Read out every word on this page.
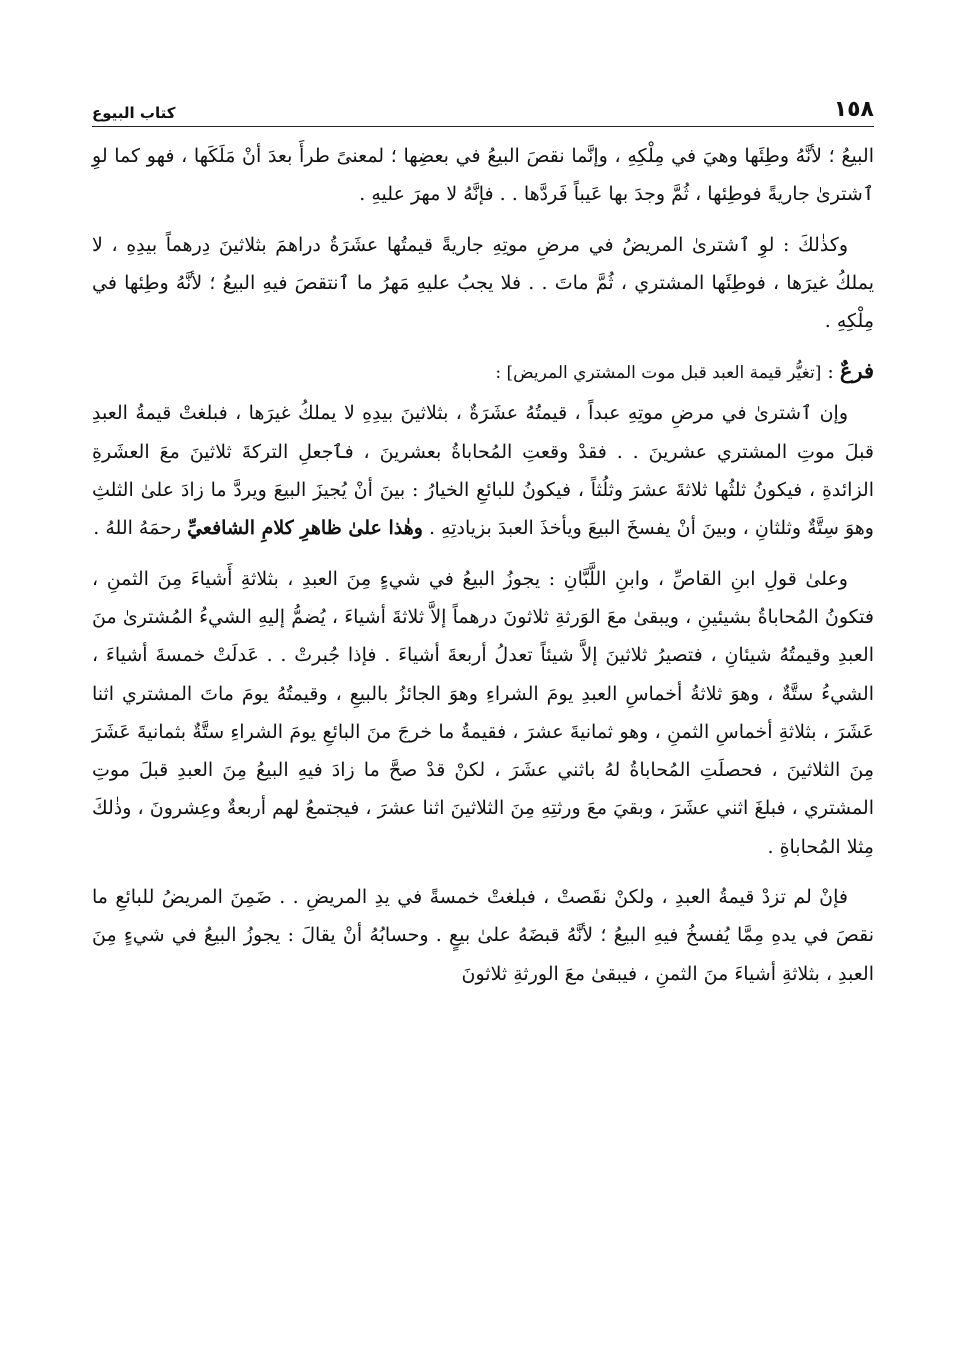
١٥٨
كتاب البيوع

البيعُ ؛ لأنَّهُ وطِئَها وهيَ في مِلْكِهِ ، وإنَّما نقصَ البيعُ في بعضِها ؛ لمعنىً طرأَ بعدَ أنْ مَلَكَها ، فهو كما لوِ ٱشترىٰ جاريةً فوطِئها ، ثُمَّ وجدَ بها عَيباً فَردَّها . . فإنَّهُ لا مهرَ عليهِ .

وكذٰلكَ : لوِ ٱشترىٰ المريضُ في مرضِ موتِهِ جاريةً قيمتُها عشَرَةُ دراهمَ بثلاثينَ دِرهماً بيدِهِ ، لا يملكُ غيرَها ، فوطِئَها المشتري ، ثُمَّ ماتَ . . فلا يجبُ عليهِ مَهرُ ما ٱنتقصَ فيهِ البيعُ ؛ لأنَّهُ وطِئها في مِلْكِهِ .

فرعٌ : [تغيُّر قيمة العبد قبل موت المشتري المريض] :

وإن ٱشترىٰ في مرضِ موتِهِ عبداً ، قيمتُهُ عشَرَةٌ ، بثلاثينَ بيدِهِ لا يملكُ غيرَها ، فبلغتْ قيمةُ العبدِ قبلَ موتِ المشتري عشرينَ . . فقدْ وقعتِ المُحاباةُ بعشرينَ ، فٱجعلِ التركةَ ثلاثينَ معَ العشَرةِ الزائدةِ ، فيكونُ ثلثُها ثلاثةَ عشرَ وثلُثاً ، فيكونُ للبائعِ الخيارُ : بينَ أنْ يُجيزَ البيعَ ويردَّ ما زادَ علىٰ الثلثِ وهوَ سِتَّةٌ وثلثانِ ، وبينَ أنْ يفسخَ البيعَ ويأخذَ العبدَ بزيادتِهِ . وهٰذا علىٰ ظاهرِ كلامِ الشافعيِّ رحمَهُ اللهُ .

وعلىٰ قولِ ابنِ القاصِّ ، وابنِ اللَّبَّانِ : يجوزُ البيعُ في شيءٍ مِنَ العبدِ ، بثلاثةِ أَشياءَ مِنَ الثمنِ ، فتكونُ المُحاباةُ بشيئينِ ، ويبقىٰ معَ الوَرثةِ ثلاثونَ درهماً إلاَّ ثلاثةَ أشياءَ ، يُضمُّ إليهِ الشيءُ المُشترىٰ منَ العبدِ وقيمتُهُ شيئانِ ، فتصيرُ ثلاثينَ إلاَّ شيئاً تعدلُ أربعةَ أشياءَ . فإذا جُبرتْ . . عَدلَتْ خمسةَ أشياءَ ، الشيءُ ستَّةٌ ، وهوَ ثلاثةُ أخماسِ العبدِ يومَ الشراءِ وهوَ الجائزُ بالبيعِ ، وقيمتُهُ يومَ ماتَ المشتري اثنا عَشَرَ ، بثلاثةِ أخماسِ الثمنِ ، وهو ثمانيةَ عشرَ ، فقيمةُ ما خرجَ منَ البائعِ يومَ الشراءِ ستَّةٌ بثمانيةَ عَشَرَ مِنَ الثلاثينَ ، فحصلَتِ المُحاباةُ لهُ باثني عشَرَ ، لكنْ قدْ صحَّ ما زادَ فيهِ البيعُ مِنَ العبدِ قبلَ موتِ المشتري ، فبلغَ اثني عشَرَ ، وبقيَ معَ ورثتِهِ مِنَ الثلاثينَ اثنا عشرَ ، فيجتمعُ لهم أربعةٌ وعِشرونَ ، وذٰلكَ مِثلا المُحاباةِ .

فإنْ لم تزدْ قيمةُ العبدِ ، ولكنْ نقَصتْ ، فبلغتْ خمسةً في يدِ المريضِ . . ضَمِنَ المريضُ للبائعِ ما نقصَ في يدهِ مِمَّا يُفسخُ فيهِ البيعُ ؛ لأنَّهُ قبضَهُ علىٰ بيعٍ . وحسابُهُ أنْ يقالَ : يجوزُ البيعُ في شيءٍ مِنَ العبدِ ، بثلاثةِ أشياءَ منَ الثمنِ ، فيبقىٰ معَ الورثةِ ثلاثونَ
